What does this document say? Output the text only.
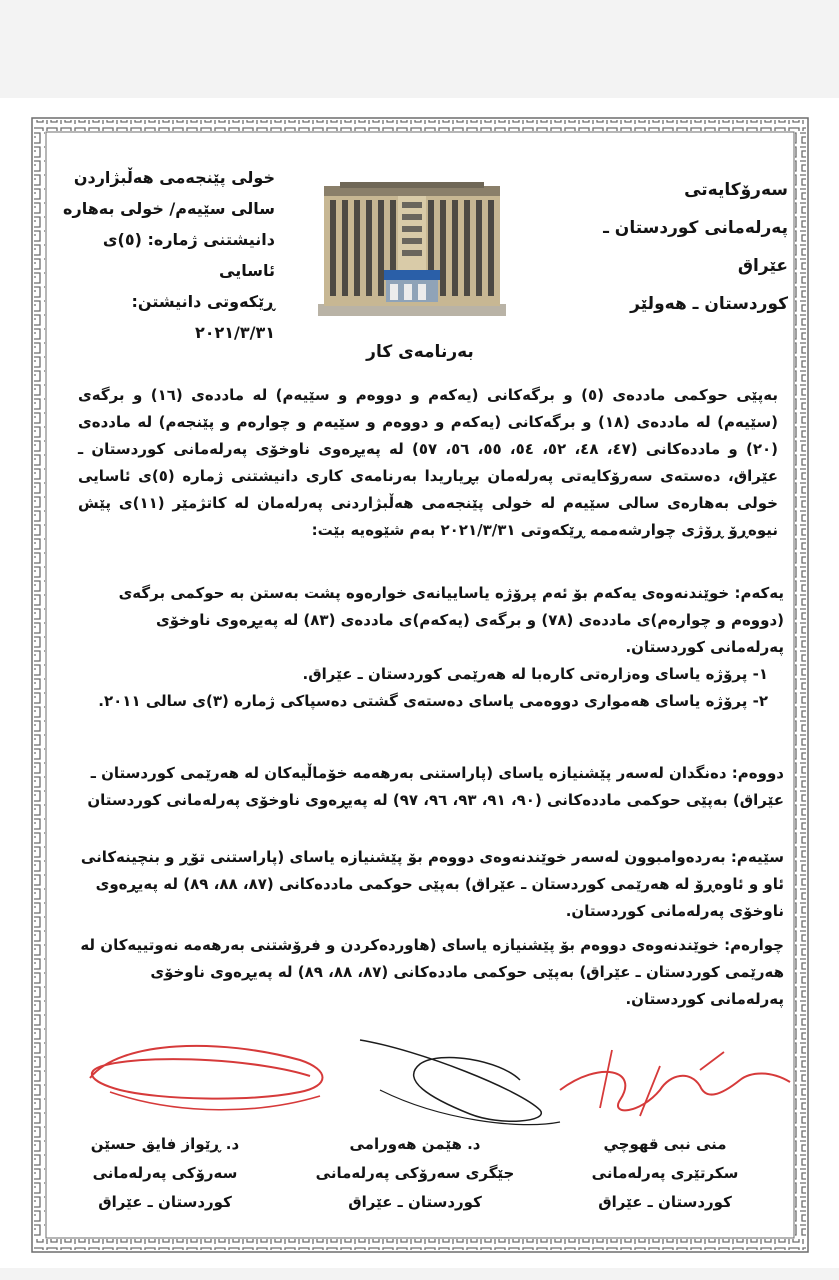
خولی پێنجەمی هەڵبژاردن
سالی سێیەم/ خولی بەهارە
دانیشتنی ژمارە: (٥)ی ئاسایی
ڕێکەوتی دانیشتن: ٢٠٢١/٣/٣١
سەرۆکایەتی
پەرلەمانی کوردستان ـ عێراق
کوردستان ـ هەولێر
بەرنامەی کار
بەپێی حوکمی ماددەی (٥) و برگەکانی (یەکەم و دووەم و سێیەم) لە ماددەی (١٦) و برگەی (سێیەم) لە ماددەی (١٨) و برگەکانی (یەکەم و دووەم و سێیەم و چوارەم و پێنجەم) لە ماددەی (٢٠) و ماددەکانی (٤٧، ٤٨، ٥٢، ٥٤، ٥٥، ٥٦، ٥٧) لە پەیڕەوی ناوخۆی پەرلەمانی کوردستان ـ عێراق، دەستەی سەرۆکایەتی پەرلەمان بڕیاریدا بەرنامەی کاری دانیشتنی ژمارە (٥)ی ئاسایی خولی بەهارەی سالی سێیەم لە خولی پێنجەمی هەڵبژاردنی پەرلەمان لە کاتژمێر (١١)ی پێش نیوەڕۆ ڕۆژی چوارشەممە ڕێکەوتی ٢٠٢١/٣/٣١ بەم شێوەیە بێت:
یەکەم: خوێندنەوەی یەکەم بۆ ئەم پرۆژە یاساییانەی خوارەوە پشت بەستن بە حوکمی برگەی (دووەم و چوارەم)ی ماددەی (٧٨) و برگەی (یەکەم)ی ماددەی (٨٣) لە پەیڕەوی ناوخۆی پەرلەمانی کوردستان.
١- پرۆژە یاسای وەزارەتی کارەبا لە هەرێمی کوردستان ـ عێراق.
٢- پرۆژە یاسای هەمواری دووەمی یاسای دەستەی گشتی دەسپاکی ژمارە (٣)ی سالی ٢٠١١.
دووەم: دەنگدان لەسەر پێشنیازە یاسای (پاراستنی بەرهەمە خۆماڵیەکان لە هەرێمی کوردستان ـ عێراق) بەپێی حوکمی ماددەکانی (٩٠، ٩١، ٩٣، ٩٦، ٩٧) لە پەیڕەوی ناوخۆی پەرلەمانی کوردستان
سێیەم: بەردەوامبوون لەسەر خوێندنەوەی دووەم بۆ پێشنیازە یاسای (پاراستنی تۆڕ و بنچینەکانی ئاو و ئاوەڕۆ لە هەرێمی کوردستان ـ عێراق) بەپێی حوکمی ماددەکانی (٨٧، ٨٨، ٨٩) لە پەیڕەوی ناوخۆی پەرلەمانی کوردستان.
چوارەم: خوێندنەوەی دووەم بۆ پێشنیازە یاسای (هاوردەکردن و فرۆشتنی بەرهەمە نەوتییەکان لە هەرێمی کوردستان ـ عێراق) بەپێی حوکمی ماددەکانی (٨٧، ٨٨، ٨٩) لە پەیڕەوی ناوخۆی پەرلەمانی کوردستان.
د. ڕێواز فایق حسێن
سەرۆکی پەرلەمانی
کوردستان ـ عێراق
د. هێمن هەورامی
جێگری سەرۆکی پەرلەمانی
کوردستان ـ عێراق
منى نبى قهوچي
سکرتێری پەرلەمانی
کوردستان ـ عێراق
